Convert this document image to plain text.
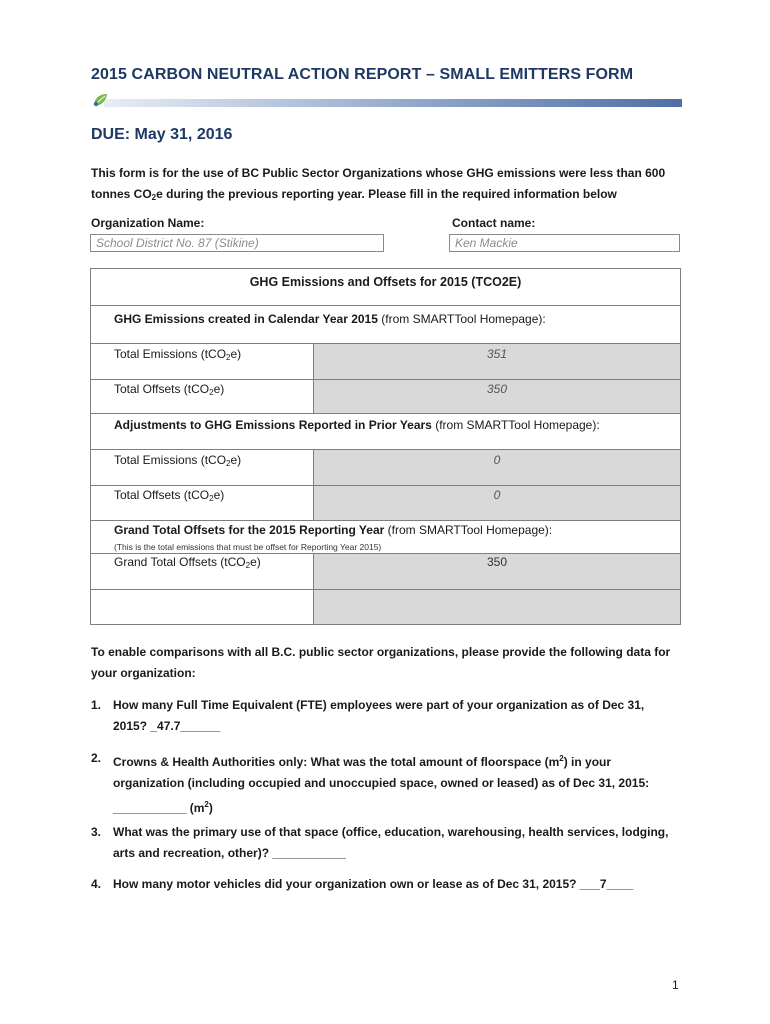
2015 CARBON NEUTRAL ACTION REPORT – SMALL EMITTERS FORM
DUE: May 31, 2016
This form is for the use of BC Public Sector Organizations whose GHG emissions were less than 600
tonnes $CO_2e$ during the previous reporting year. Please fill in the required information below
Organization Name:
School District No. 87 (Stikine)
Contact name:
Ken Mackie
GHG Emissions and Offsets for 2015 (TCO2E)
GHG Emissions created in Calendar Year 2015 (from SMARTTool Homepage):
Total Emissions (tCO$_2$e)	351
Total Offsets (tCO$_2$e)	350
Adjustments to GHG Emissions Reported in Prior Years (from SMARTTool Homepage):
Total Emissions (tCO$_2$e)	0
Total Offsets (tCO$_2$e)	0
Grand Total Offsets for the 2015 Reporting Year (from SMARTTool Homepage):
(This is the total emissions that must be offset for Reporting Year 2015)
Grand Total Offsets (tCO$_2$e)	350
To enable comparisons with all B.C. public sector organizations, please provide the following data for
your organization:
1. How many Full Time Equivalent (FTE) employees were part of your organization as of Dec 31,
2015? _47.7______
2. Crowns & Health Authorities only: What was the total amount of floorspace $(m^2)$ in your
organization (including occupied and unoccupied space, owned or leased) as of Dec 31, 2015:
___________ $(m^2)$
3. What was the primary use of that space (office, education, warehousing, health services, lodging,
arts and recreation, other)? ___________
4. How many motor vehicles did your organization own or lease as of Dec 31, 2015? ___7____
1
